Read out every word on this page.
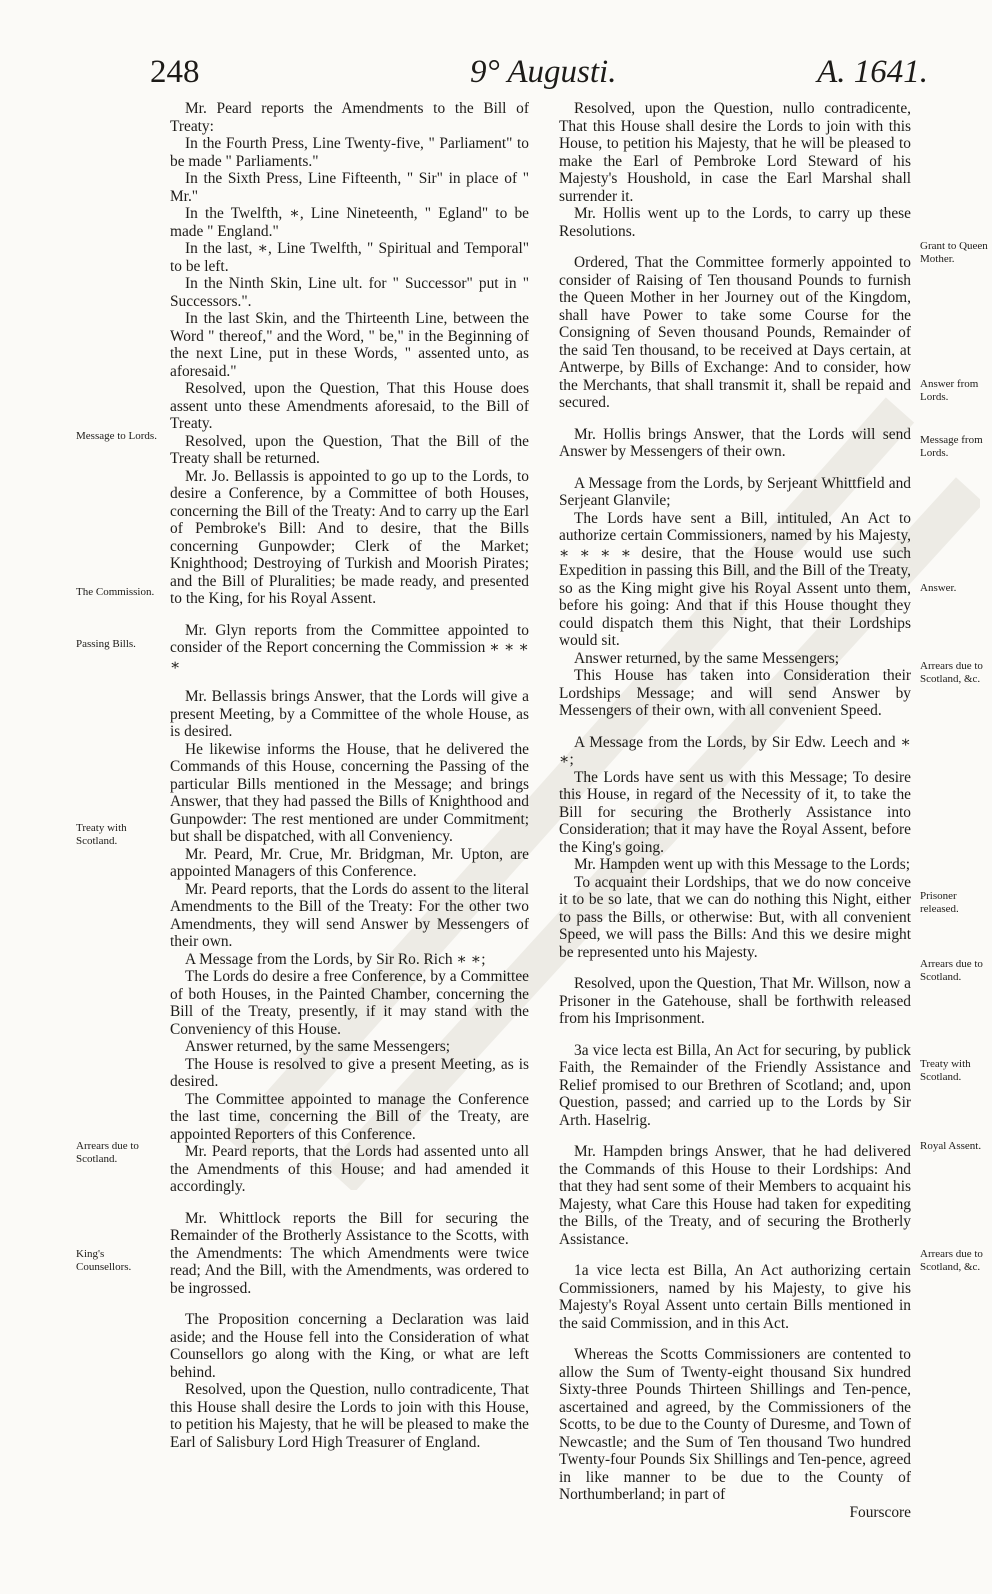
248	9° Augusti.	A. 1641.

Mr. Peard reports the Amendments to the Bill of Treaty:

In the Fourth Press, Line Twenty-five, " Parliament" to be made " Parliaments."

In the Sixth Press, Line Fifteenth, " Sir" in place of " Mr."

In the Twelfth, ∗, Line Nineteenth, " Egland" to be made " England."

In the last, ∗, Line Twelfth, " Spiritual and Temporal" to be left.

In the Ninth Skin, Line ult. for " Successor" put in " Successors.".

In the last Skin, and the Thirteenth Line, between the Word " thereof," and the Word, " be," in the Beginning of the next Line, put in these Words, " assented unto, as aforesaid."

Resolved, upon the Question, That this House does assent unto these Amendments aforesaid, to the Bill of Treaty.

Resolved, upon the Question, That the Bill of the Treaty shall be returned.

Mr. Jo. Bellassis is appointed to go up to the Lords, to desire a Conference, by a Committee of both Houses, concerning the Bill of the Treaty: And to carry up the Earl of Pembroke's Bill: And to desire, that the Bills concerning Gunpowder; Clerk of the Market; Knighthood; Destroying of Turkish and Moorish Pirates; and the Bill of Pluralities; be made ready, and presented to the King, for his Royal Assent.

Mr. Glyn reports from the Committee appointed to consider of the Report concerning the Commission ∗ ∗ ∗ ∗

Mr. Bellassis brings Answer, that the Lords will give a present Meeting, by a Committee of the whole House, as is desired.

He likewise informs the House, that he delivered the Commands of this House, concerning the Passing of the particular Bills mentioned in the Message; and brings Answer, that they had passed the Bills of Knighthood and Gunpowder: The rest mentioned are under Commitment; but shall be dispatched, with all Conveniency.

Mr. Peard, Mr. Crue, Mr. Bridgman, Mr. Upton, are appointed Managers of this Conference.

Mr. Peard reports, that the Lords do assent to the literal Amendments to the Bill of the Treaty: For the other two Amendments, they will send Answer by Messengers of their own.

A Message from the Lords, by Sir Ro. Rich ∗ ∗;

The Lords do desire a free Conference, by a Committee of both Houses, in the Painted Chamber, concerning the Bill of the Treaty, presently, if it may stand with the Conveniency of this House.

Answer returned, by the same Messengers;

The House is resolved to give a present Meeting, as is desired.

The Committee appointed to manage the Conference the last time, concerning the Bill of the Treaty, are appointed Reporters of this Conference.

Mr. Peard reports, that the Lords had assented unto all the Amendments of this House; and had amended it accordingly.

Mr. Whittlock reports the Bill for securing the Remainder of the Brotherly Assistance to the Scotts, with the Amendments: The which Amendments were twice read; And the Bill, with the Amendments, was ordered to be ingrossed.

The Proposition concerning a Declaration was laid aside; and the House fell into the Consideration of what Counsellors go along with the King, or what are left behind.

Resolved, upon the Question, nullo contradicente, That this House shall desire the Lords to join with this House, to petition his Majesty, that he will be pleased to make the Earl of Salisbury Lord High Treasurer of England.

Resolved, upon the Question, nullo contradicente, That this House shall desire the Lords to join with this House, to petition his Majesty, that he will be pleased to make the Earl of Pembroke Lord Steward of his Majesty's Houshold, in case the Earl Marshal shall surrender it.

Mr. Hollis went up to the Lords, to carry up these Resolutions.

Ordered, That the Committee formerly appointed to consider of Raising of Ten thousand Pounds to furnish the Queen Mother in her Journey out of the Kingdom, shall have Power to take some Course for the Consigning of Seven thousand Pounds, Remainder of the said Ten thousand, to be received at Days certain, at Antwerpe, by Bills of Exchange: And to consider, how the Merchants, that shall transmit it, shall be repaid and secured.

Mr. Hollis brings Answer, that the Lords will send Answer by Messengers of their own.

A Message from the Lords, by Serjeant Whittfield and Serjeant Glanvile;

The Lords have sent a Bill, intituled, An Act to authorize certain Commissioners, named by his Majesty, ∗ ∗ ∗ ∗ desire, that the House would use such Expedition in passing this Bill, and the Bill of the Treaty, so as the King might give his Royal Assent unto them, before his going: And that if this House thought they could dispatch them this Night, that their Lordships would sit.

Answer returned, by the same Messengers;

This House has taken into Consideration their Lordships Message; and will send Answer by Messengers of their own, with all convenient Speed.

A Message from the Lords, by Sir Edw. Leech and ∗ ∗;

The Lords have sent us with this Message; To desire this House, in regard of the Necessity of it, to take the Bill for securing the Brotherly Assistance into Consideration; that it may have the Royal Assent, before the King's going.

Mr. Hampden went up with this Message to the Lords;

To acquaint their Lordships, that we do now conceive it to be so late, that we can do nothing this Night, either to pass the Bills, or otherwise: But, with all convenient Speed, we will pass the Bills: And this we desire might be represented unto his Majesty.

Resolved, upon the Question, That Mr. Willson, now a Prisoner in the Gatehouse, shall be forthwith released from his Imprisonment.

3a vice lecta est Billa, An Act for securing, by publick Faith, the Remainder of the Friendly Assistance and Relief promised to our Brethren of Scotland; and, upon Question, passed; and carried up to the Lords by Sir Arth. Haselrig.

Mr. Hampden brings Answer, that he had delivered the Commands of this House to their Lordships: And that they had sent some of their Members to acquaint his Majesty, what Care this House had taken for expediting the Bills, of the Treaty, and of securing the Brotherly Assistance.

1a vice lecta est Billa, An Act authorizing certain Commissioners, named by his Majesty, to give his Majesty's Royal Assent unto certain Bills mentioned in the said Commission, and in this Act.

Whereas the Scotts Commissioners are contented to allow the Sum of Twenty-eight thousand Six hundred Sixty-three Pounds Thirteen Shillings and Ten-pence, ascertained and agreed, by the Commissioners of the Scotts, to be due to the County of Duresme, and Town of Newcastle; and the Sum of Ten thousand Two hundred Twenty-four Pounds Six Shillings and Ten-pence, agreed in like manner to be due to the County of Northumberland; in part of

Fourscore

Message to Lords.
The Commission.
Passing Bills.
Treaty with Scotland.
Arrears due to Scotland.
King's Counsellors.
Grant to Queen Mother.
Answer from Lords.
Message from Lords.
Answer.
Arrears due to Scotland, &c.
Prisoner released.
Arrears due to Scotland.
Treaty with Scotland.
Royal Assent.
Arrears due to Scotland, &c.
